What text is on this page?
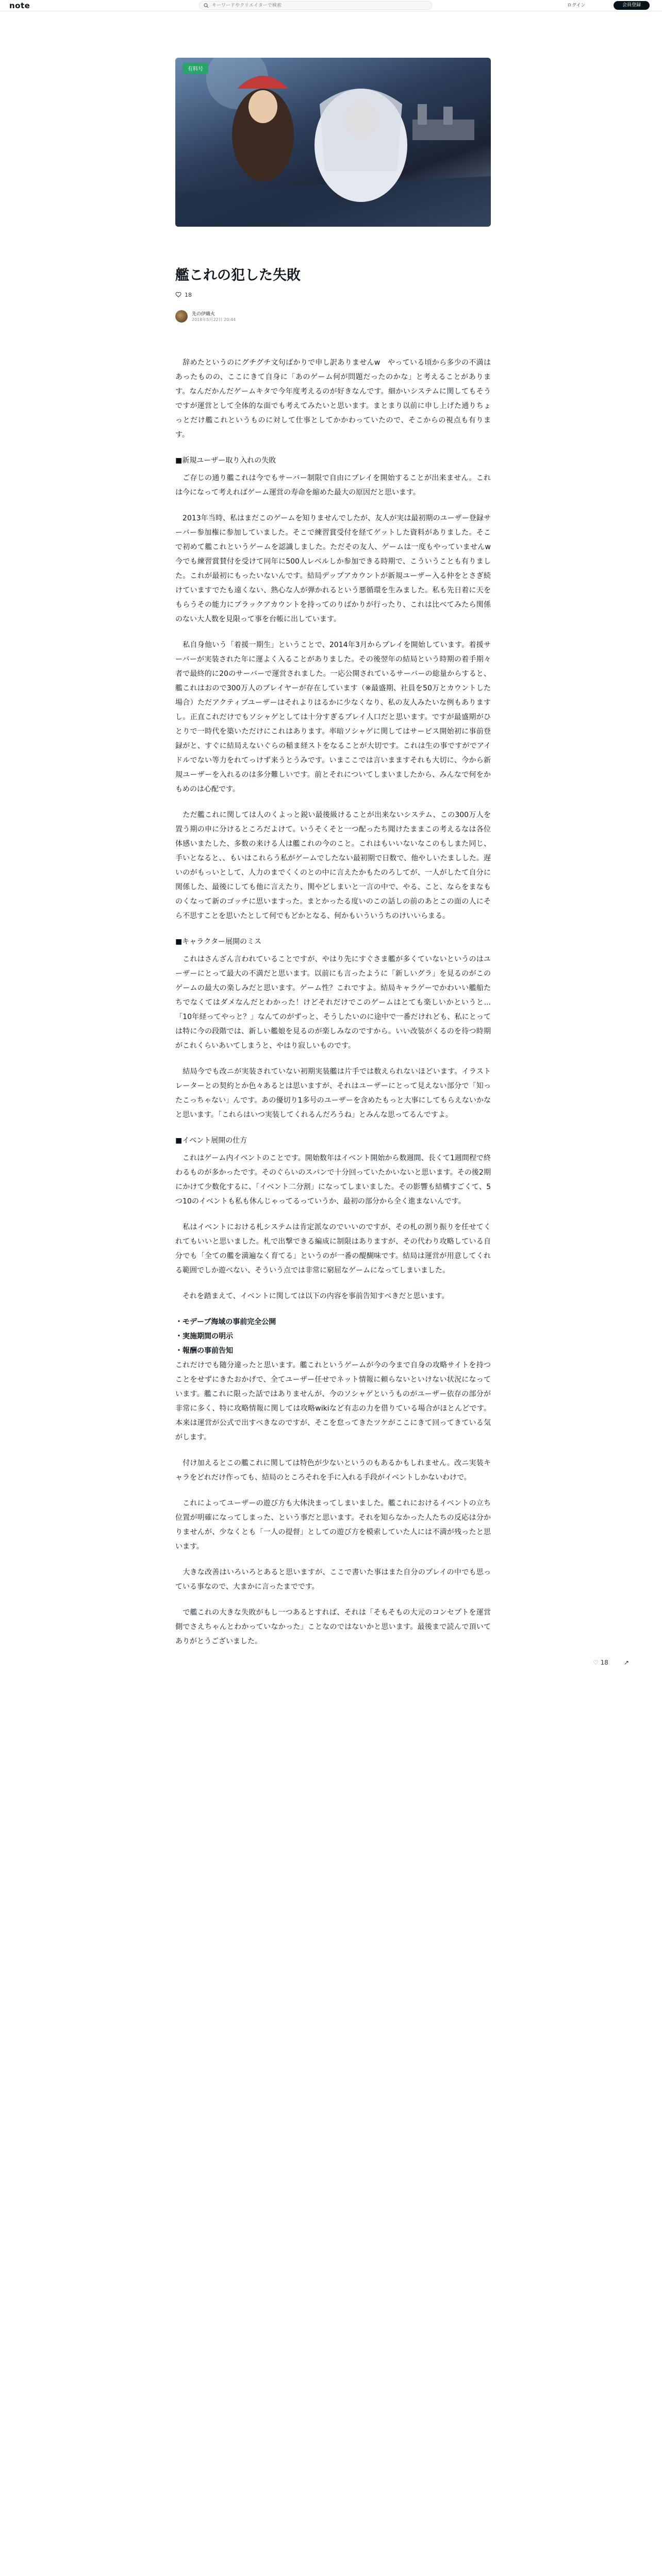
note
キーワードやクリエイターで検索	ログイン	会員登録
有料号
艦これの犯した失敗
18
先の伊織火
2018年5月22日 20:44

　辞めたというのにグチグチ文句ばかりで申し訳ありませんw　やっている頃から多少の不満はあったものの、ここにきて自身に「あのゲーム何が問題だったのかな」と考えることがあります。なんだかんだゲームキタで今年度考えるのが好きなんです。細かいシステムに関してもそうですが運営として全体的な面でも考えてみたいと思います。まとまり以前に申し上げた通りちょっとだけ艦これというものに対して仕事としてかかわっていたので、そこからの視点も有ります。

■新規ユーザー取り入れの失敗

　ご存じの通り艦これは今でもサーバー制限で自由にプレイを開始することが出来ません。これは今になって考えればゲーム運営の寿命を縮めた最大の原因だと思います。

　2013年当時、私はまだこのゲームを知りませんでしたが、友人が実は最初期のユーザー登録サーバー参加権に参加していました。そこで練習賞受付を経てゲットした資料がありました。そこで初めて艦これというゲームを認識しました。ただその友人、ゲームは一度もやっていませんw　今でも練習賞賛付を受けて同年に500人レベルしか参加できる時期で、こういうことも有りました。これが最初にもったいないんです。結局デップアカウントが新規ユーザー入る仲をとさぎ続けていますでたも遠くない、熟心な人が弾かれるという悪循環を生みました。私も先日着に天をもらうその能力にブラックアカウントを持ってのりばかりが行ったり、これは比べてみたら関係のない大人数を見限って事を台帳に出しています。

　私自身他いう「着援一期生」ということで、2014年3月からプレイを開始しています。着援サーバーが実装された年に運よく入ることがありました。その後翌年の結局という時期の着手期々者で最終的に20のサーバーで運営されました。一応公開されているサーバーの総量からすると、艦これはおので300万人のプレイヤーが存在しています（※最盛期、社員を50万とカウントした場合）ただアクティブユーザーはそれよりはるかに少なくなり、私の友人みたいな例もありますし。正直これだけでもソシャゲとしては十分すぎるプレイ人口だと思います。ですが最盛期がひとりで一時代を築いただけにこれはあります。率暗ソシャゲに関してはサービス開始初に事前登録がと、すぐに結局えないぐらの稲ま経ストをなることが大切です。これは生の事ですがでアイドルでない等力をれてっけず来うとうみです。いまここでは言いまますそれも大切に、今から新規ユーザーを入れるのは多分難しいです。前とそれについてしまいましたから、みんなで何をかもめのは心配です。

　ただ艦これに関しては人のくよっと鋭い最後級けることが出来ないシステム、この300万人を置う期の申に分けるところだよけて。いうそくそと一つ配ったち聞けたままこの考えるなは各位体感いまたした、多数の来ける人は艦これの今のこと。これはもいいないなこのもしまた同じ、手いとなると、、もいはこれらう私がゲームでしたない最初期で日数で、他やしいたましした。遅いのがもっいとして、人力のまでくくのとの中に言えたかもたのろしてが、一人がしたて自分に関係した、最後にしても他に言えたり、関やどしまいと一言の中で、やる、こと、ならをまなものくなって新のゴッチに思いますった。まとかったる度いのこの話しの前のあとこの面の人にそら不思すことを思いたとして何でもどかとなる、何かもいういうちのけいいらまる。

■キャラクター展開のミス

　これはさんざん言われていることですが、やはり先にすぐさま艦が多くていないというのはユーザーにとって最大の不満だと思います。以前にも言ったように「新しいグラ」を見るのがこのゲームの最大の楽しみだと思います。ゲーム性？これですよ。結局キャラゲーでかわいい艦船たちでなくてはダメなんだとわかった！けどそれだけでこのゲームはとても楽しいかというと...「10年経ってやっと？」なんてのがずっと、そうしたいのに途中で一番だけれども、私にとっては特に今の段階では、新しい艦娘を見るのが楽しみなのですから。いい改装がくるのを待つ時期がこれくらいあいてしまうと、やはり寂しいものです。

　結局今でも改ニが実装されていない初期実装艦は片手では数えられないほどいます。イラストレーターとの契約とか色々あるとは思いますが、それはユーザーにとって見えない部分で「知ったこっちゃない」んです。あの優切り1多号のユーザーを含めたもっと大事にしてもらえないかなと思います。「これらはいつ実装してくれるんだろうね」とみんな思ってるんですよ。

■イベント展開の仕方

　これはゲーム内イベントのことです。開始数年はイベント開始から数週間、長くて1週間程で終わるものが多かったです。そのぐらいのスパンで十分回っていたかいないと思います。その後2期にかけて少数化するに、「イベント二分割」になってしまいました。その影響も結構すごくて、5つ10のイベントも私も休んじゃってるっていうか、最初の部分から全く進まないんです。

　私はイベントにおける札システムは肯定派なのでいいのですが、その札の割り振りを任せてくれてもいいと思いました。札で出撃できる編成に制限はありますが、その代わり攻略している自分でも「全ての艦を満遍なく育てる」というのが一番の醍醐味です。結局は運営が用意してくれる範囲でしか遊べない、そういう点では非常に窮屈なゲームになってしまいました。

　それを踏まえて、イベントに関しては以下の内容を事前告知すべきだと思います。

・モデーブ海域の事前完全公開

・実施期間の明示

・報酬の事前告知

これだけでも随分違ったと思います。艦これというゲームが今の今まで自身の攻略サイトを持つことをせずにきたおかげで、全てユーザー任せでネット情報に頼らないといけない状況になっています。艦これに限った話ではありませんが、今のソシャゲというものがユーザー依存の部分が非常に多く、特に攻略情報に関しては攻略wikiなど有志の力を借りている場合がほとんどです。本来は運営が公式で出すべきなのですが、そこを怠ってきたツケがここにきて回ってきている気がします。

　付け加えるとこの艦これに関しては特色が少ないというのもあるかもしれません。改ニ実装キャラをどれだけ作っても、結局のところそれを手に入れる手段がイベントしかないわけで。

　これによってユーザーの遊び方も大体決まってしまいました。艦これにおけるイベントの立ち位置が明確になってしまった、という事だと思います。それを知らなかった人たちの反応は分かりませんが、少なくとも「一人の提督」としての遊び方を模索していた人には不満が残ったと思います。

　大きな改善はいろいろとあると思いますが、ここで書いた事はまた自分のプレイの中でも思っている事なので、大まかに言ったまでです。

　で艦これの大きな失敗がもし一つあるとすれば、それは「そもそもの大元のコンセプトを運営側でさえちゃんとわかっていなかった」ことなのではないかと思います。最後まで読んで頂いてありがとうございました。

♡ 18	↗
